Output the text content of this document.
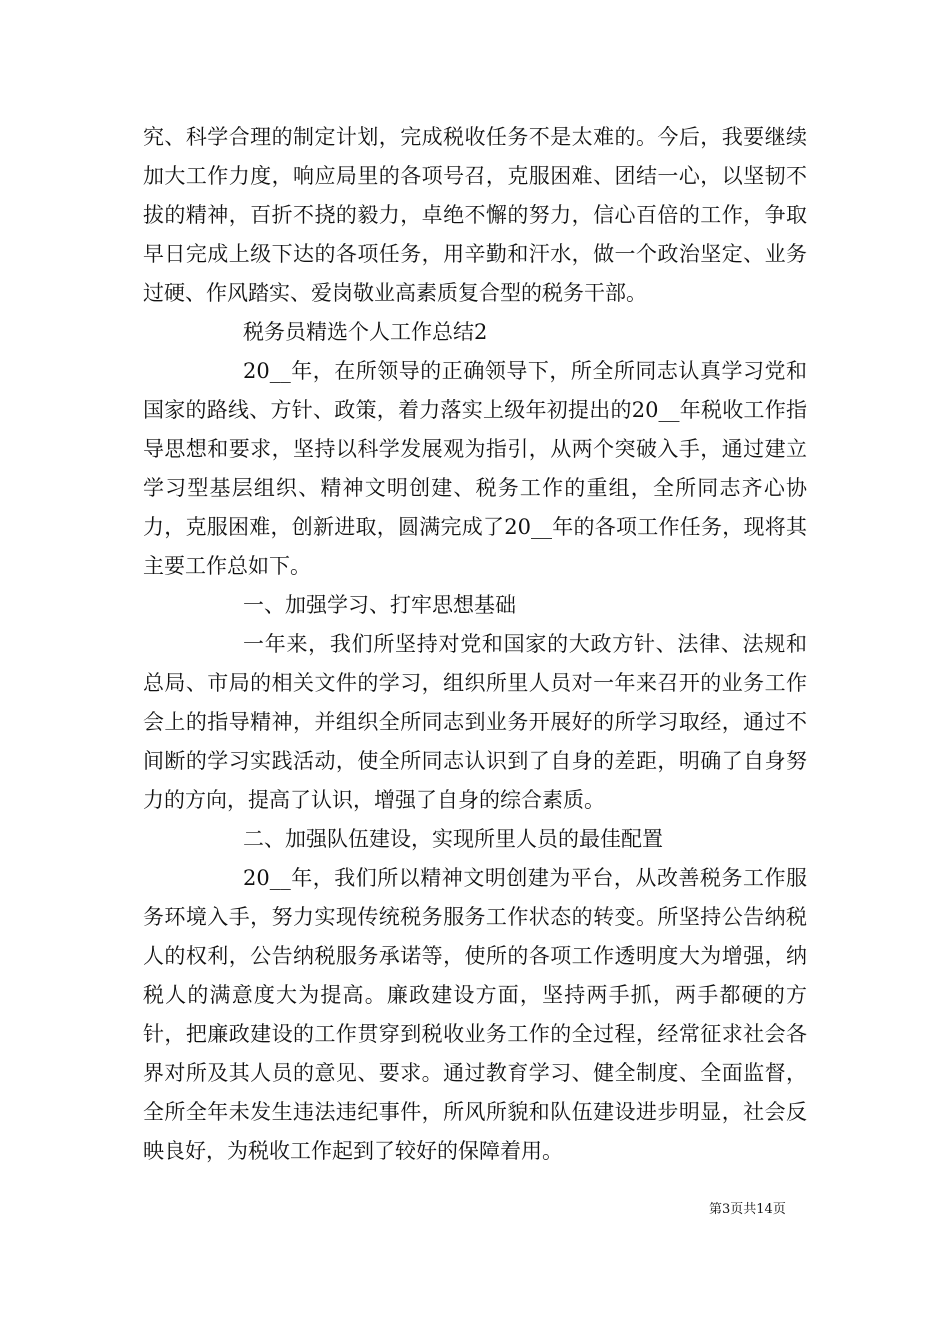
究、科学合理的制定计划，完成税收任务不是太难的。今后，我要继续加大工作力度，响应局里的各项号召，克服困难、团结一心，以坚韧不拔的精神，百折不挠的毅力，卓绝不懈的努力，信心百倍的工作，争取早日完成上级下达的各项任务，用辛勤和汗水，做一个政治坚定、业务过硬、作风踏实、爱岗敬业高素质复合型的税务干部。

税务员精选个人工作总结2

20__年，在所领导的正确领导下，所全所同志认真学习党和国家的路线、方针、政策，着力落实上级年初提出的20__年税收工作指导思想和要求，坚持以科学发展观为指引，从两个突破入手，通过建立学习型基层组织、精神文明创建、税务工作的重组，全所同志齐心协力，克服困难，创新进取，圆满完成了20__年的各项工作任务，现将其主要工作总如下。

一、加强学习、打牢思想基础

一年来，我们所坚持对党和国家的大政方针、法律、法规和总局、市局的相关文件的学习，组织所里人员对一年来召开的业务工作会上的指导精神，并组织全所同志到业务开展好的所学习取经，通过不间断的学习实践活动，使全所同志认识到了自身的差距，明确了自身努力的方向，提高了认识，增强了自身的综合素质。

二、加强队伍建设，实现所里人员的最佳配置

20__年，我们所以精神文明创建为平台，从改善税务工作服务环境入手，努力实现传统税务服务工作状态的转变。所坚持公告纳税人的权利，公告纳税服务承诺等，使所的各项工作透明度大为增强，纳税人的满意度大为提高。廉政建设方面，坚持两手抓，两手都硬的方针，把廉政建设的工作贯穿到税收业务工作的全过程，经常征求社会各界对所及其人员的意见、要求。通过教育学习、健全制度、全面监督，全所全年未发生违法违纪事件，所风所貌和队伍建设进步明显，社会反映良好，为税收工作起到了较好的保障着用。

第3页共14页
